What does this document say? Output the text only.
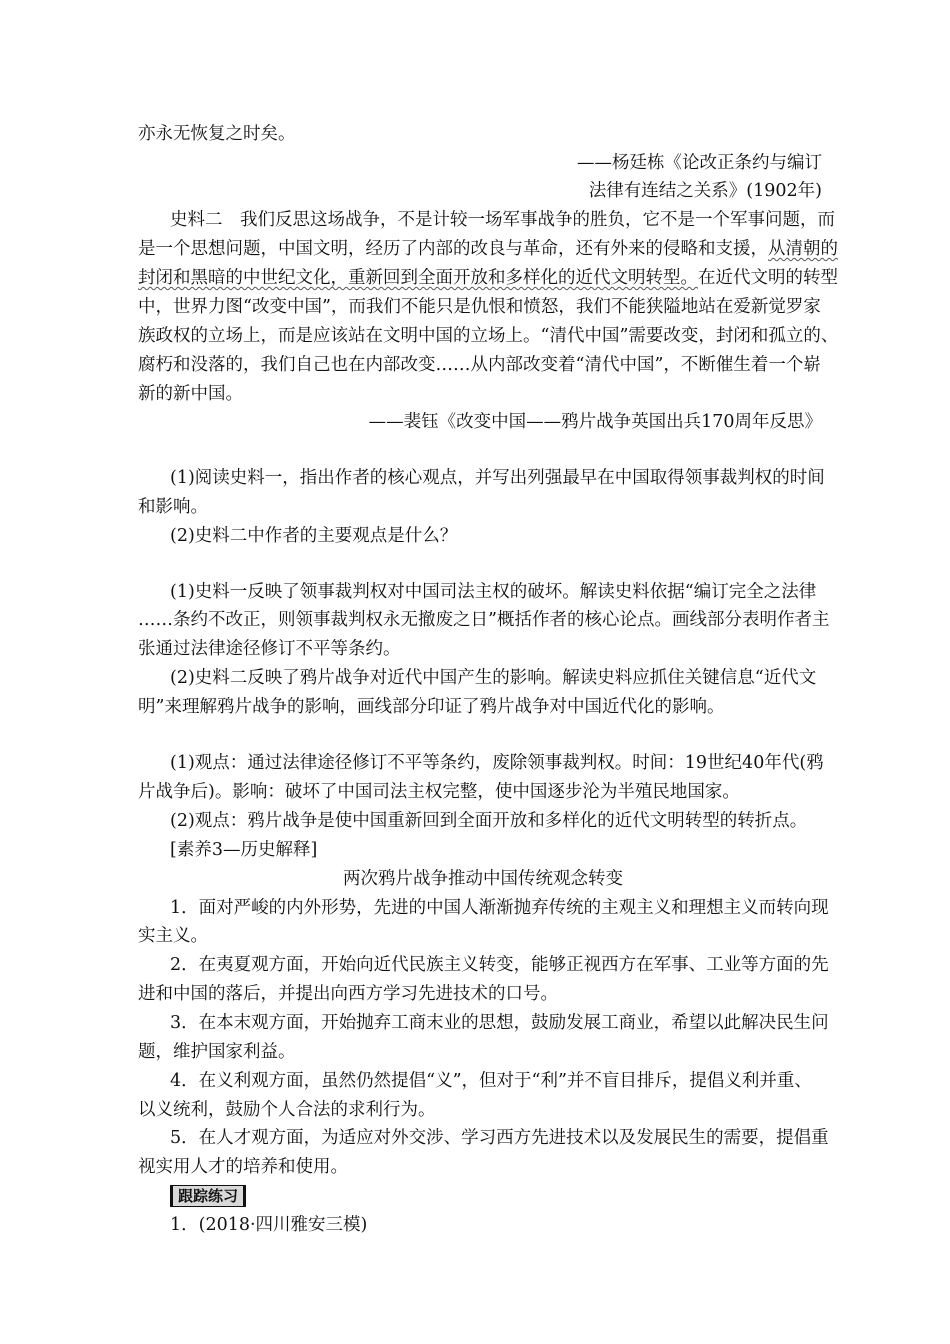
亦永无恢复之时矣。
——杨廷栋《论改正条约与编订
法律有连结之关系》(1902年)
史料二　我们反思这场战争，不是计较一场军事战争的胜负，它不是一个军事问题，而
是一个思想问题，中国文明，经历了内部的改良与革命，还有外来的侵略和支援，从清朝的
封闭和黑暗的中世纪文化，重新回到全面开放和多样化的近代文明转型。在近代文明的转型
中，世界力图“改变中国”，而我们不能只是仇恨和愤怒，我们不能狭隘地站在爱新觉罗家
族政权的立场上，而是应该站在文明中国的立场上。“清代中国”需要改变，封闭和孤立的、
腐朽和没落的，我们自己也在内部改变……从内部改变着“清代中国”，不断催生着一个崭
新的新中国。
——裴钰《改变中国——鸦片战争英国出兵170周年反思》
(1)阅读史料一，指出作者的核心观点，并写出列强最早在中国取得领事裁判权的时间
和影响。
(2)史料二中作者的主要观点是什么？
(1)史料一反映了领事裁判权对中国司法主权的破坏。解读史料依据“编订完全之法律
……条约不改正，则领事裁判权永无撤废之日”概括作者的核心论点。画线部分表明作者主
张通过法律途径修订不平等条约。
(2)史料二反映了鸦片战争对近代中国产生的影响。解读史料应抓住关键信息“近代文
明”来理解鸦片战争的影响，画线部分印证了鸦片战争对中国近代化的影响。
(1)观点：通过法律途径修订不平等条约，废除领事裁判权。时间：19世纪40年代(鸦
片战争后)。影响：破坏了中国司法主权完整，使中国逐步沦为半殖民地国家。
(2)观点：鸦片战争是使中国重新回到全面开放和多样化的近代文明转型的转折点。
[素养3—历史解释]
两次鸦片战争推动中国传统观念转变
1．面对严峻的内外形势，先进的中国人渐渐抛弃传统的主观主义和理想主义而转向现
实主义。
2．在夷夏观方面，开始向近代民族主义转变，能够正视西方在军事、工业等方面的先
进和中国的落后，并提出向西方学习先进技术的口号。
3．在本末观方面，开始抛弃工商末业的思想，鼓励发展工商业，希望以此解决民生问
题，维护国家利益。
4．在义利观方面，虽然仍然提倡“义”，但对于“利”并不盲目排斥，提倡义利并重、
以义统利，鼓励个人合法的求利行为。
5．在人才观方面，为适应对外交涉、学习西方先进技术以及发展民生的需要，提倡重
视实用人才的培养和使用。
跟踪练习
1．(2018·四川雅安三模)
